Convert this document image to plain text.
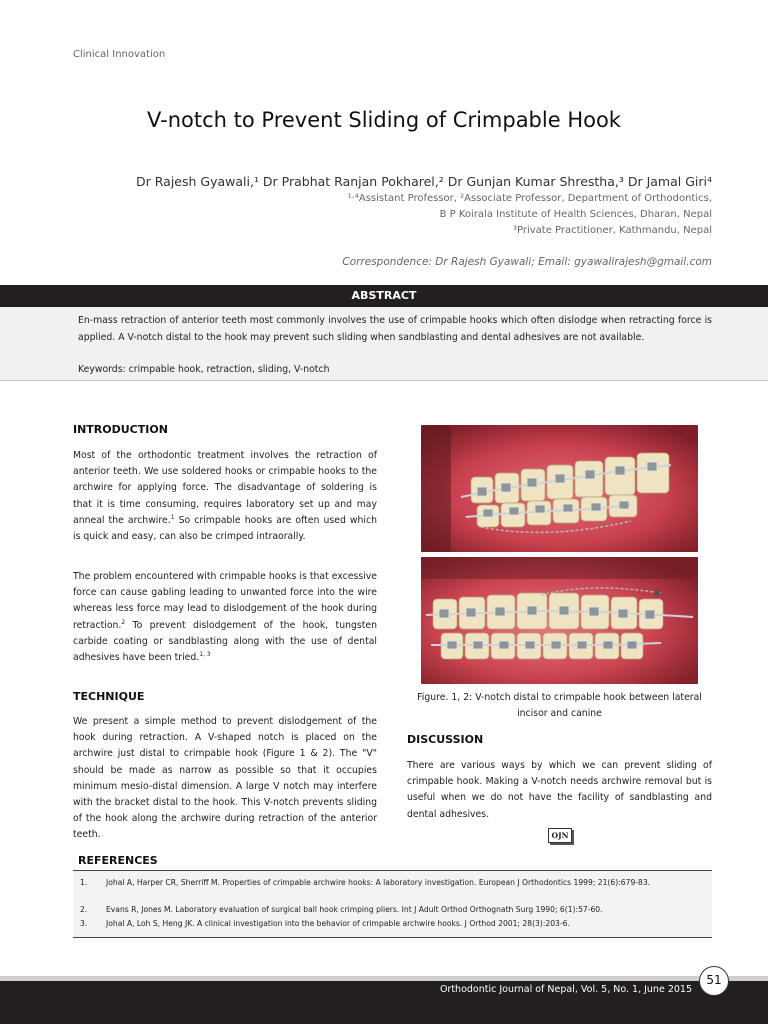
Clinical Innovation
V-notch to Prevent Sliding of Crimpable Hook
Dr Rajesh Gyawali,¹ Dr Prabhat Ranjan Pokharel,² Dr Gunjan Kumar Shrestha,³ Dr Jamal Giri⁴
¹·⁴Assistant Professor, ²Associate Professor, Department of Orthodontics,
B P Koirala Institute of Health Sciences, Dharan, Nepal
³Private Practitioner, Kathmandu, Nepal
Correspondence: Dr Rajesh Gyawali; Email: gyawalirajesh@gmail.com
ABSTRACT
En-mass retraction of anterior teeth most commonly involves the use of crimpable hooks which often dislodge when retracting force is applied. A V-notch distal to the hook may prevent such sliding when sandblasting and dental adhesives are not available.
Keywords: crimpable hook, retraction, sliding, V-notch
INTRODUCTION

Most of the orthodontic treatment involves the retraction of anterior teeth. We use soldered hooks or crimpable hooks to the archwire for applying force. The disadvantage of soldering is that it is time consuming, requires laboratory set up and may anneal the archwire.$^1$ So crimpable hooks are often used which is quick and easy, can also be crimped intraorally.

The problem encountered with crimpable hooks is that excessive force can cause gabling leading to unwanted force into the wire whereas less force may lead to dislodgement of the hook during retraction.$^2$ To prevent dislodgement of the hook, tungsten carbide coating or sandblasting along with the use of dental adhesives have been tried.$^{1, 3}$

TECHNIQUE

We present a simple method to prevent dislodgement of the hook during retraction. A V-shaped notch is placed on the archwire just distal to crimpable hook (Figure 1 & 2). The "V" should be made as narrow as possible so that it occupies minimum mesio-distal dimension. A large V notch may interfere with the bracket distal to the hook. This V-notch prevents sliding of the hook along the archwire during retraction of the anterior teeth.

Figure. 1, 2: V-notch distal to crimpable hook between lateral incisor and canine
DISCUSSION

There are various ways by which we can prevent sliding of crimpable hook. Making a V-notch needs archwire removal but is useful when we do not have the facility of sandblasting and dental adhesives.

OJN
REFERENCES
1. Johal A, Harper CR, Sherriff M. Properties of crimpable archwire hooks: A laboratory investigation. European J Orthodontics 1999; 21(6):679-83.
2. Evans R, Jones M. Laboratory evaluation of surgical ball hook crimping pliers. Int J Adult Orthod Orthognath Surg 1990; 6(1):57-60.
3. Johal A, Loh S, Heng JK. A clinical investigation into the behavior of crimpable archwire hooks. J Orthod 2001; 28(3):203-6.
Orthodontic Journal of Nepal, Vol. 5, No. 1, June 2015
51
